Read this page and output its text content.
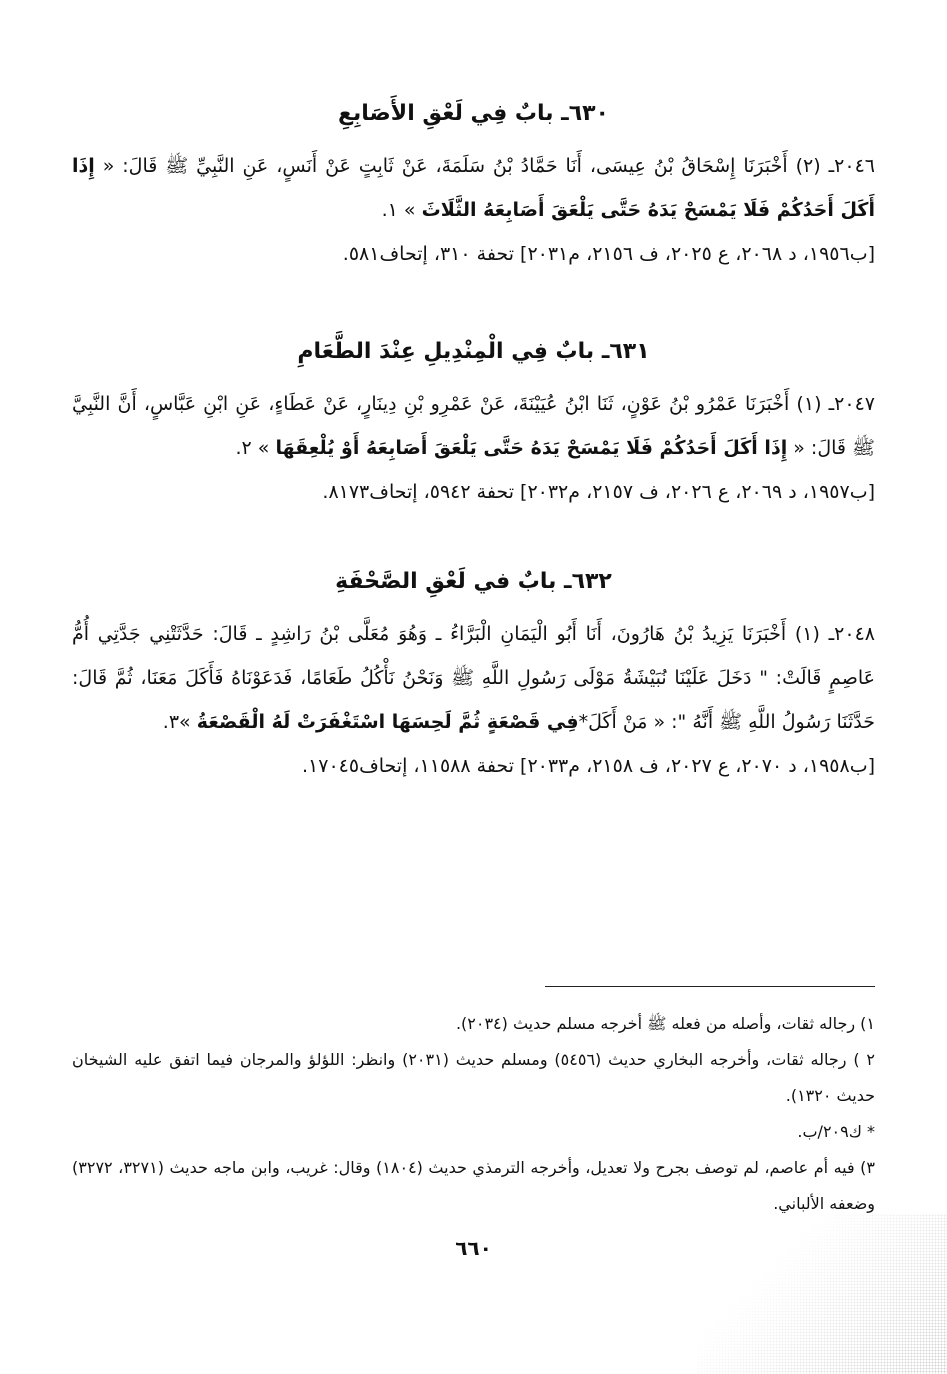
٦٣٠ـ بابٌ فِي لَعْقِ الأَصَابِعِ

٢٠٤٦ـ (٢) أَخْبَرَنَا إِسْحَاقُ بْنُ عِيسَى، أَنَا حَمَّادُ بْنُ سَلَمَةَ، عَنْ ثَابِتٍ عَنْ أَنَسٍ، عَنِ النَّبِيِّ ﷺ قَالَ: « إِذَا أَكَلَ أَحَدُكُمْ فَلَا يَمْسَحْ يَدَهُ حَتَّى يَلْعَقَ أَصَابِعَهُ الثَّلَاثَ » ١.

[ب١٩٥٦، د ٢٠٦٨، ع ٢٠٢٥، ف ٢١٥٦، م٢٠٣١] تحفة ٣١٠، إتحاف٥٨١.

٦٣١ـ بابٌ فِي الْمِنْدِيلِ عِنْدَ الطَّعَامِ

٢٠٤٧ـ (١) أَخْبَرَنَا عَمْرُو بْنُ عَوْنٍ، ثَنَا ابْنُ عُيَيْنَةَ، عَنْ عَمْرِو بْنِ دِينَارٍ، عَنْ عَطَاءٍ، عَنِ ابْنِ عَبَّاسٍ، أَنَّ النَّبِيَّ ﷺ قَالَ: « إِذَا أَكَلَ أَحَدُكُمْ فَلَا يَمْسَحْ يَدَهُ حَتَّى يَلْعَقَ أَصَابِعَهُ أَوْ يُلْعِقَهَا » ٢.

[ب١٩٥٧، د ٢٠٦٩، ع ٢٠٢٦، ف ٢١٥٧، م٢٠٣٢] تحفة ٥٩٤٢، إتحاف٨١٧٣.

٦٣٢ـ بابٌ في لَعْقِ الصَّحْفَةِ

٢٠٤٨ـ (١) أَخْبَرَنَا يَزِيدُ بْنُ هَارُونَ، أَنَا أَبُو الْيَمَانِ الْبَرَّاءُ ـ وَهُوَ مُعَلَّى بْنُ رَاشِدٍ ـ قَالَ: حَدَّثَتْنِي جَدَّتِي أُمُّ عَاصِمٍ قَالَتْ: " دَخَلَ عَلَيْنَا نُبَيْشَةُ مَوْلَى رَسُولِ اللَّهِ ﷺ وَنَحْنُ نَأْكُلُ طَعَامًا، فَدَعَوْنَاهُ فَأَكَلَ مَعَنَا، ثُمَّ قَالَ: حَدَّثَنَا رَسُولُ اللَّهِ ﷺ أَنَّهُ ": « مَنْ أَكَلَ*فِي قَصْعَةٍ ثُمَّ لَحِسَهَا اسْتَغْفَرَتْ لَهُ الْقَصْعَةُ »٣.

[ب١٩٥٨، د ٢٠٧٠، ع ٢٠٢٧، ف ٢١٥٨، م٢٠٣٣] تحفة ١١٥٨٨، إتحاف١٧٠٤٥.

١) رجاله ثقات، وأصله من فعله ﷺ أخرجه مسلم حديث (٢٠٣٤).

٢ ) رجاله ثقات، وأخرجه البخاري حديث (٥٤٥٦) ومسلم حديث (٢٠٣١) وانظر: اللؤلؤ والمرجان فيما اتفق عليه الشيخان حديث ١٣٢٠).

* ك٢٠٩/ب.

٣) فيه أم عاصم، لم توصف بجرح ولا تعديل، وأخرجه الترمذي حديث (١٨٠٤) وقال: غريب، وابن ماجه حديث (٣٢٧١، ٣٢٧٢) وضعفه الألباني.

٦٦٠
